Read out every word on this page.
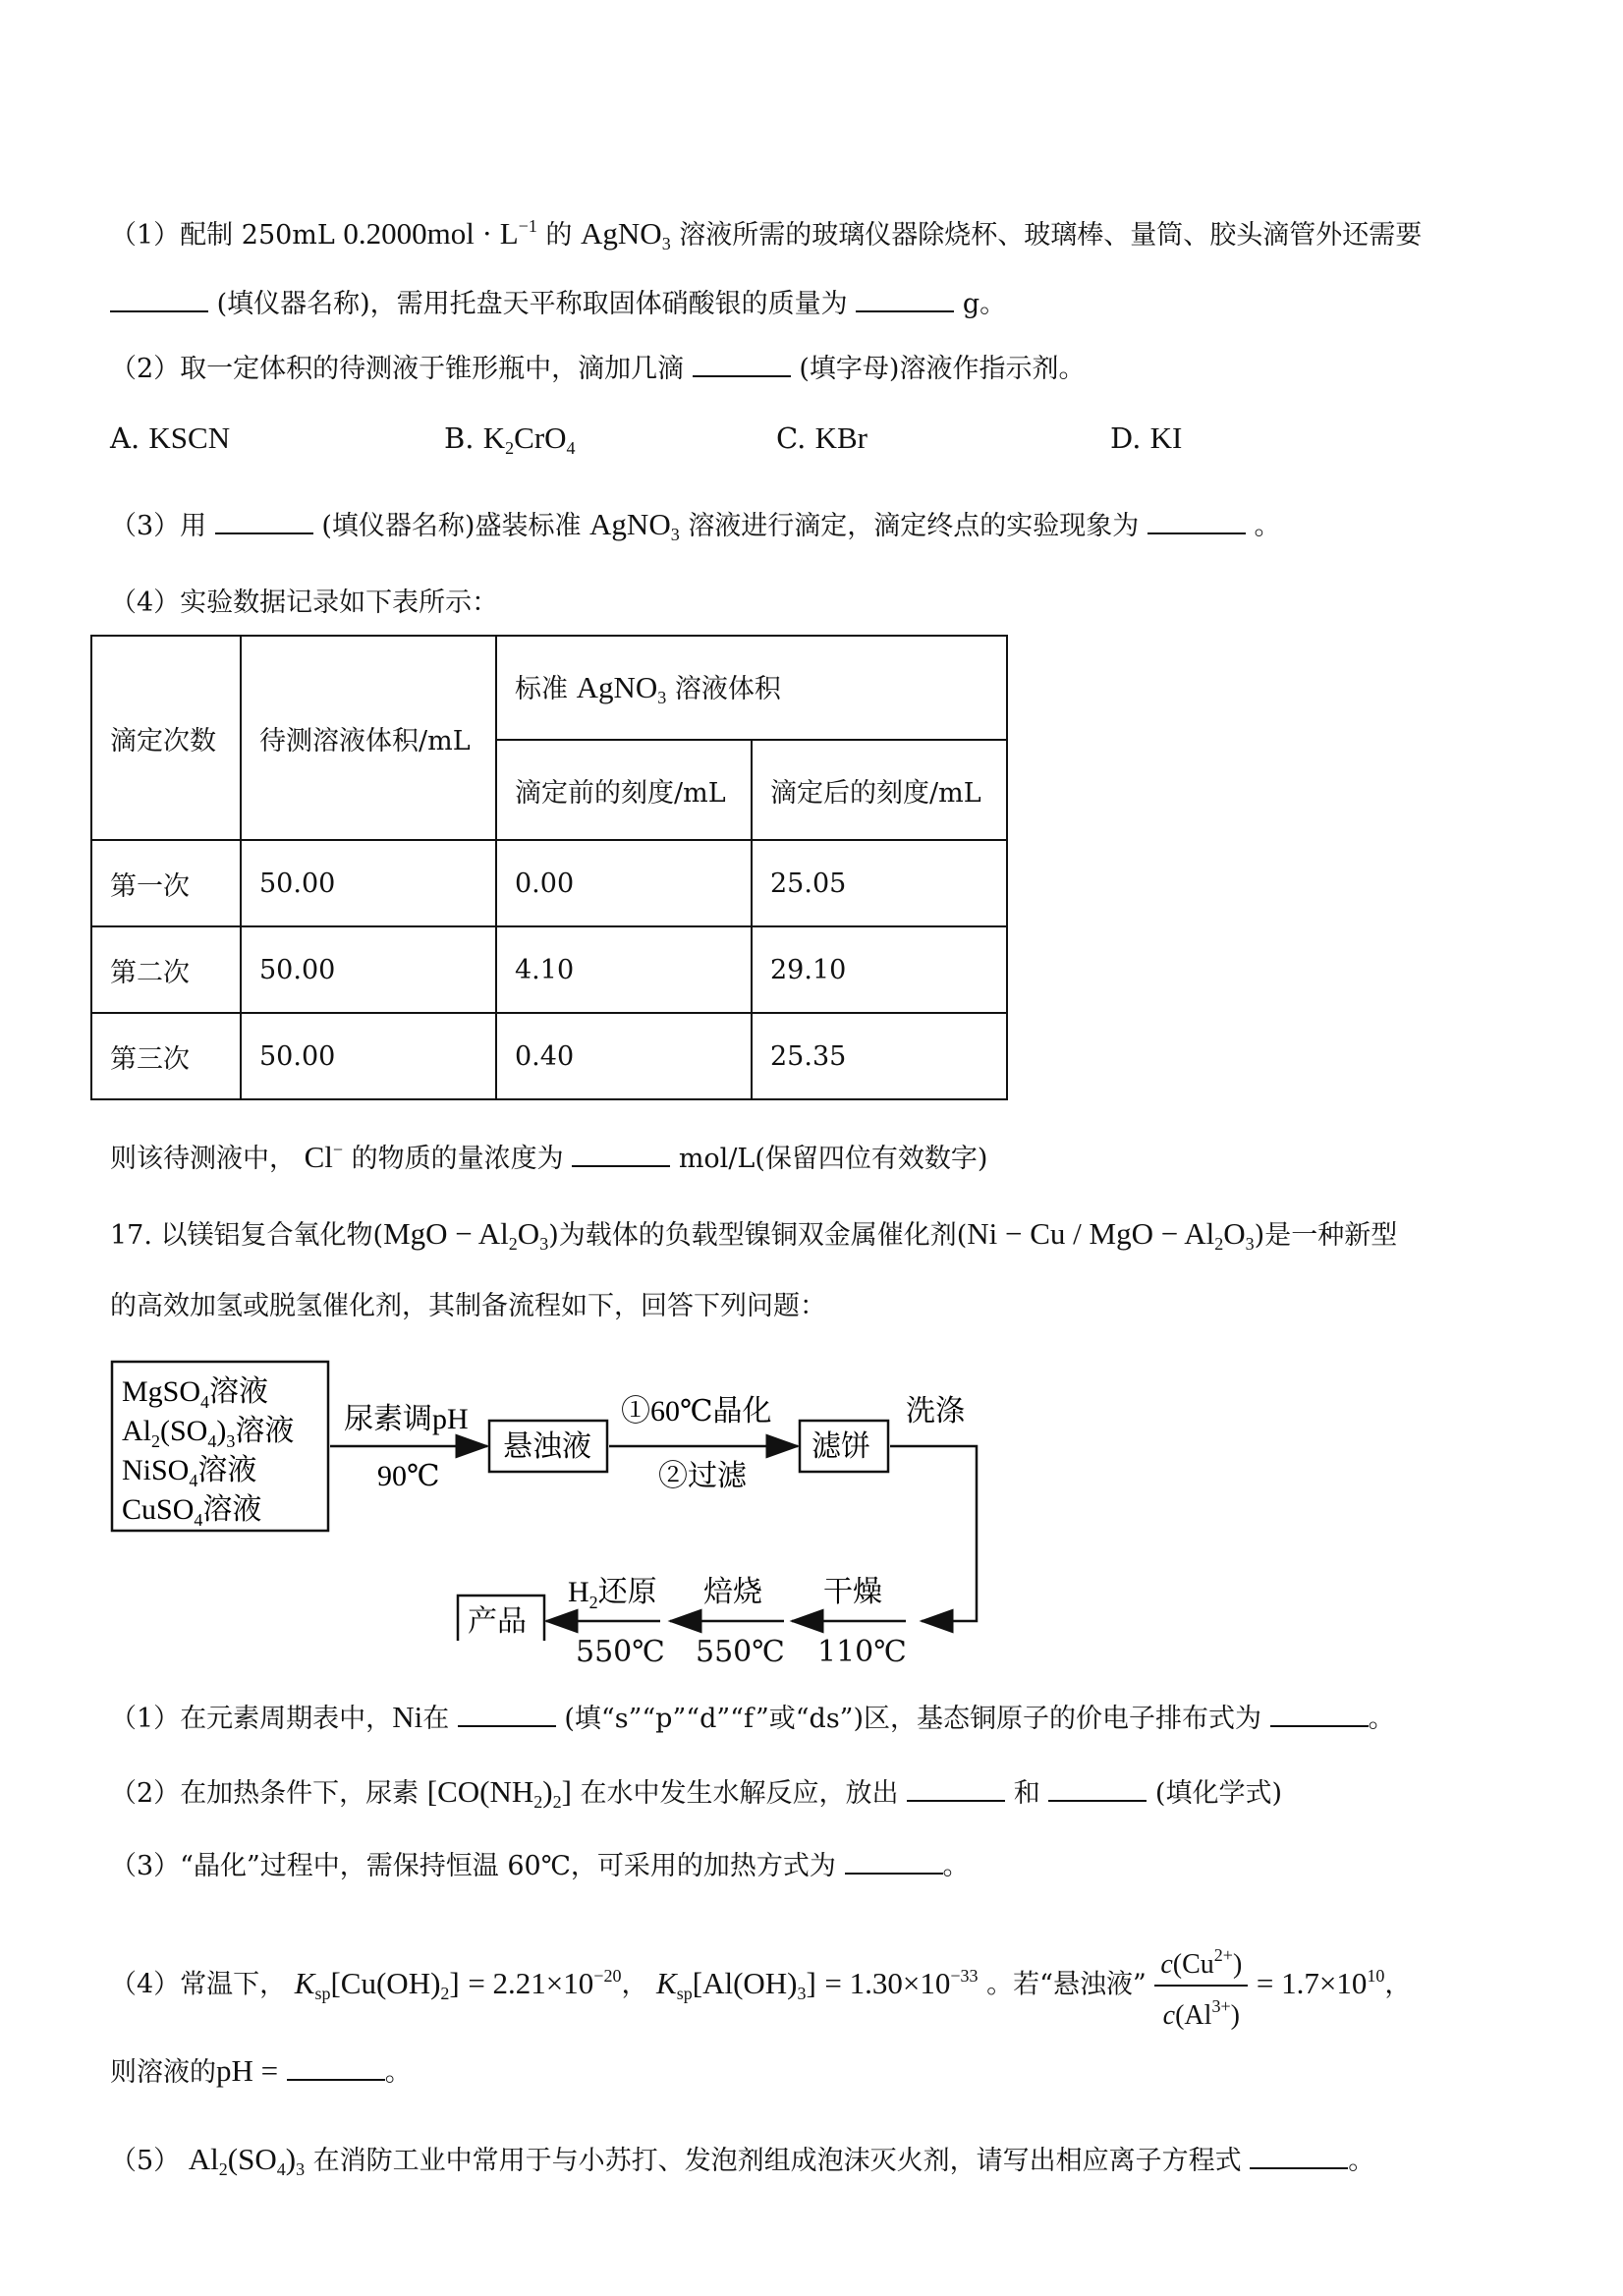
（1）配制 250mL $0.2000mol \cdot L^{-1}$ 的 AgNO$_3$ 溶液所需的玻璃仪器除烧杯、玻璃棒、量筒、胶头滴管外还需要
(填仪器名称)，需用托盘天平称取固体硝酸银的质量为	g。
（2）取一定体积的待测液于锥形瓶中，滴加几滴	(填字母)溶液作指示剂。
A. KSCN	B. $K_2CrO_4$	C. KBr	D. KI
（3）用	(填仪器名称)盛装标准 AgNO$_3$ 溶液进行滴定，滴定终点的实验现象为	。
（4）实验数据记录如下表所示：
滴定次数	待测溶液体积/mL	标准 AgNO$_3$ 溶液体积	
		滴定前的刻度/mL	滴定后的刻度/mL
第一次	50.00	0.00	25.05
第二次	50.00	4.10	29.10
第三次	50.00	0.40	25.35
则该待测液中， Cl− 的物质的量浓度为	mol/L(保留四位有效数字)
17. 以镁铝复合氧化物$(MgO - Al_2O_3)$为载体的负载型镍铜双金属催化剂(Ni − Cu / MgO − $Al_2O_3$)是一种新型
的高效加氢或脱氢催化剂，其制备流程如下，回答下列问题：
MgSO$_4$溶液
$Al_2(SO_4)_3$溶液
NiSO$_4$溶液
CuSO$_4$溶液
尿素调pH
90℃
悬浊液
①60℃晶化
②过滤
滤饼
洗涤
干燥
焙烧
$H_2$还原
产品
550℃ 550℃ 110℃
（1）在元素周期表中，Ni在	(填“s”“p”“d”“f”或“ds”)区，基态铜原子的价电子排布式为	。
（2）在加热条件下，尿素 $[CO(NH_2)_2]$ 在水中发生水解反应，放出	和	(填化学式)
（3）“晶化”过程中，需保持恒温 60℃，可采用的加热方式为	。
（4）常温下， $K_{sp}[Cu(OH)_2] = 2.21\times 10^{-20}$， $K_{sp}[Al(OH)_3] = 1.30\times 10^{-33}$ 。若“悬浊液” $\frac{c(Cu^{2+})}{c(Al^{3+})} = 1.7\times 10^{10}$，
则溶液的pH =	。
（5） $Al_2(SO_4)_3$ 在消防工业中常用于与小苏打、发泡剂组成泡沫灭火剂，请写出相应离子方程式	。
